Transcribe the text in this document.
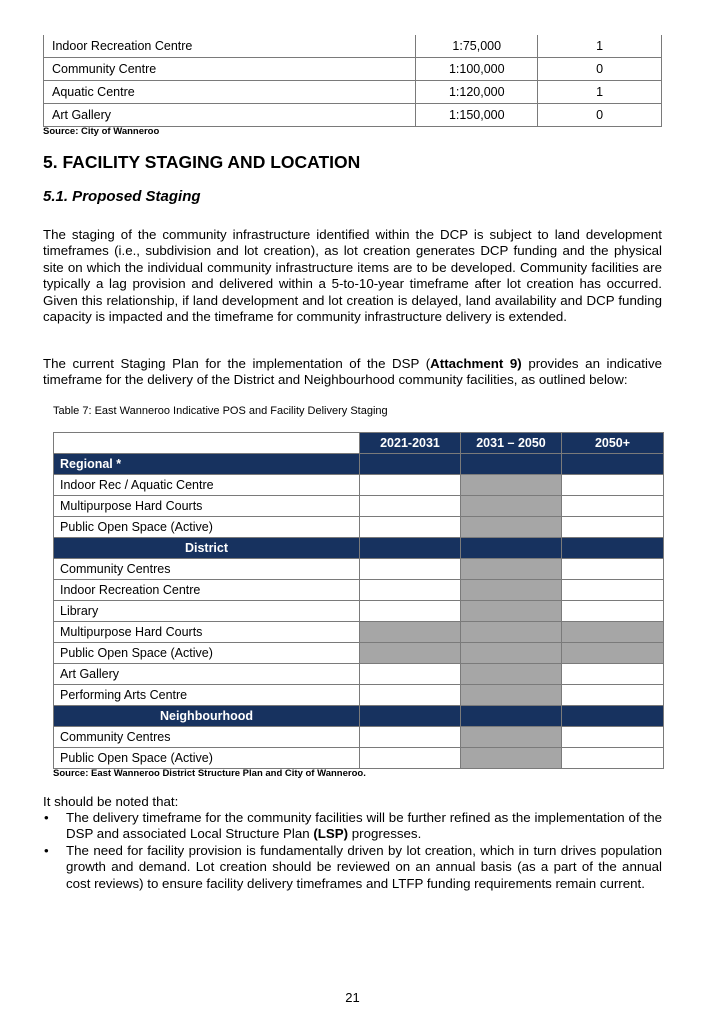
Indoor Recreation Centre	1:75,000	1
Community Centre	1:100,000	0
Aquatic Centre	1:120,000	1
Art Gallery	1:150,000	0
Source: City of Wanneroo
5. FACILITY STAGING AND LOCATION
5.1. Proposed Staging

The staging of the community infrastructure identified within the DCP is subject to land development timeframes (i.e., subdivision and lot creation), as lot creation generates DCP funding and the physical site on which the individual community infrastructure items are to be developed. Community facilities are typically a lag provision and delivered within a 5-to-10-year timeframe after lot creation has occurred. Given this relationship, if land development and lot creation is delayed, land availability and DCP funding capacity is impacted and the timeframe for community infrastructure delivery is extended.

The current Staging Plan for the implementation of the DSP (Attachment 9) provides an indicative timeframe for the delivery of the District and Neighbourhood community facilities, as outlined below:

Table 7: East Wanneroo Indicative POS and Facility Delivery Staging
	2021-2031	2031 – 2050	2050+
Regional *			
Indoor Rec / Aquatic Centre			
Multipurpose Hard Courts			
Public Open Space (Active)			
District			
Community Centres			
Indoor Recreation Centre			
Library			
Multipurpose Hard Courts			
Public Open Space (Active)			
Art Gallery			
Performing Arts Centre			
Neighbourhood			
Community Centres			
Public Open Space (Active)			
Source: East Wanneroo District Structure Plan and City of Wanneroo.
It should be noted that:
• The delivery timeframe for the community facilities will be further refined as the implementation of the DSP and associated Local Structure Plan (LSP) progresses.
• The need for facility provision is fundamentally driven by lot creation, which in turn drives population growth and demand. Lot creation should be reviewed on an annual basis (as a part of the annual cost reviews) to ensure facility delivery timeframes and LTFP funding requirements remain current.
21
